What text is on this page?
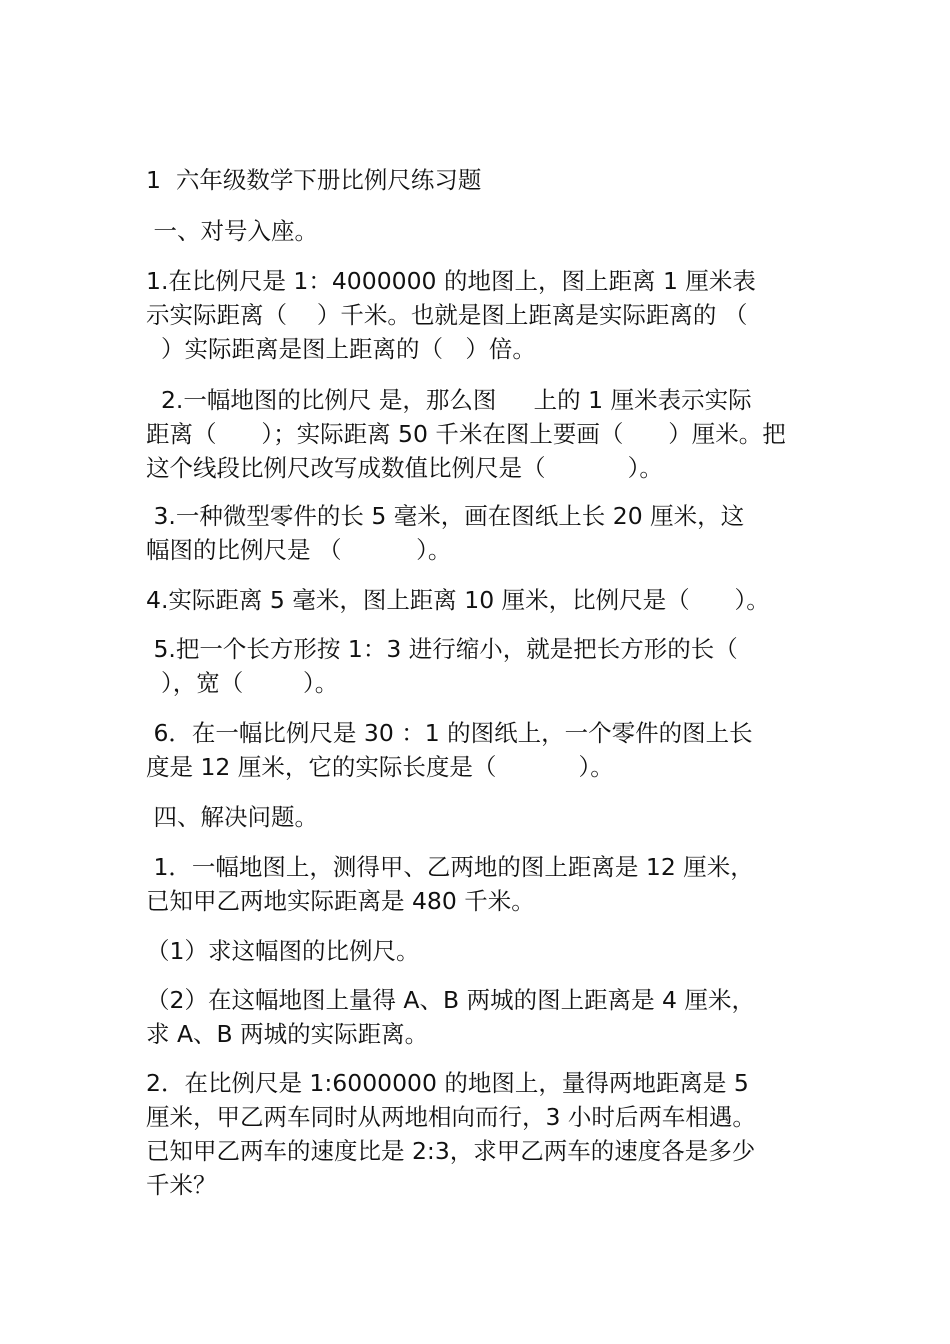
1  六年级数学下册比例尺练习题
一、对号入座。
1.在比例尺是 1：4000000 的地图上，图上距离 1 厘米表
示实际距离（    ）千米。也就是图上距离是实际距离的 （
）实际距离是图上距离的（   ）倍。
2.一幅地图的比例尺 是，那么图     上的 1 厘米表示实际
距离（      ）；实际距离 50 千米在图上要画（      ）厘米。把
这个线段比例尺改写成数值比例尺是（           ）。
3.一种微型零件的长 5 毫米，画在图纸上长 20 厘米，这
幅图的比例尺是 （          ）。
4.实际距离 5 毫米，图上距离 10 厘米，比例尺是（      ）。
5.把一个长方形按 1：3 进行缩小，就是把长方形的长（
），宽（        ）。
6．在一幅比例尺是 30 ：1 的图纸上，一个零件的图上长
度是 12 厘米，它的实际长度是（           ）。
四、解决问题。
1．一幅地图上，测得甲、乙两地的图上距离是 12 厘米，
已知甲乙两地实际距离是 480 千米。
（1）求这幅图的比例尺。
（2）在这幅地图上量得 A、B 两城的图上距离是 4 厘米，
求 A、B 两城的实际距离。
2．在比例尺是 1:6000000 的地图上，量得两地距离是 5
厘米，甲乙两车同时从两地相向而行，3 小时后两车相遇。
已知甲乙两车的速度比是 2:3，求甲乙两车的速度各是多少
千米？
